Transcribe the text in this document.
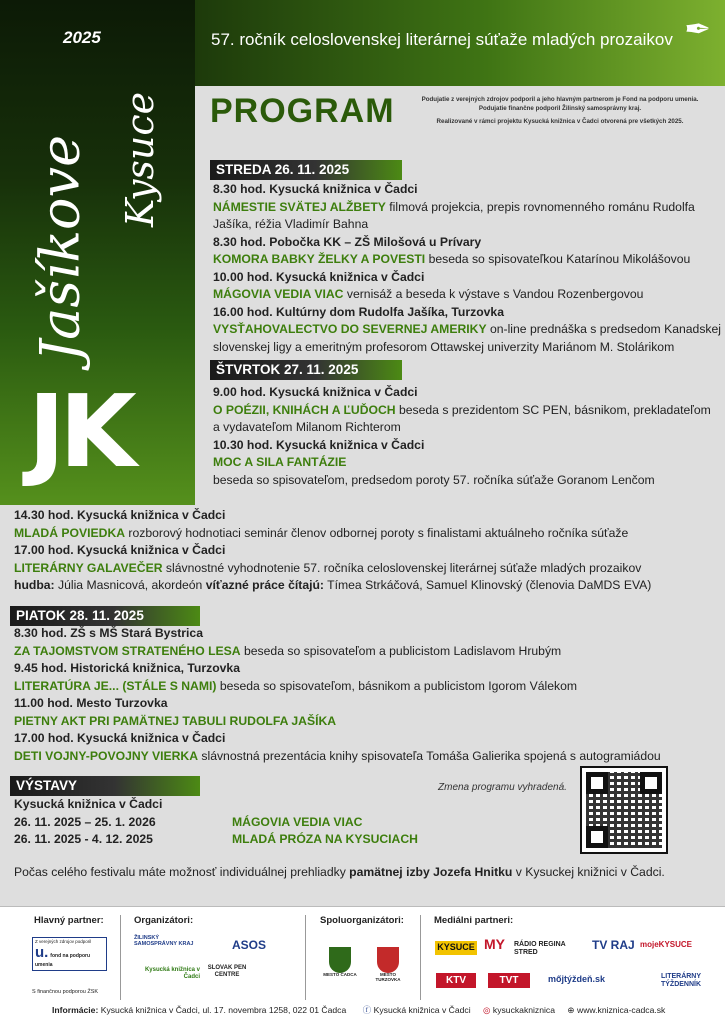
2025
Kysuce
Jašíkove
JK
57. ročník celoslovenskej literárnej súťaže mladých prozaikov ✒
PROGRAM	Podujatie z verejných zdrojov podporil a jeho hlavným partnerom je Fond na podporu umenia.

Podujatie finančne podporil Žilinský samosprávny kraj.

Realizované v rámci projektu Kysucká knižnica v Čadci otvorená pre všetkých 2025.

STREDA 26. 11. 2025
ŠTVRTOK 27. 11. 2025
PIATOK 28. 11. 2025
VÝSTAVY
8.30 hod. Kysucká knižnica v Čadci
NÁMESTIE SVÄTEJ ALŽBETY filmová projekcia, prepis rovnomenného románu Rudolfa
Jašíka, réžia Vladimír Bahna
8.30 hod. Pobočka KK – ZŠ Milošová u Prívary
KOMORA BABKY ŽELKY A POVESTI beseda so spisovateľkou Katarínou Mikolášovou
10.00 hod. Kysucká knižnica v Čadci
MÁGOVIA VEDIA VIAC vernisáž a beseda k výstave s Vandou Rozenbergovou
16.00 hod. Kultúrny dom Rudolfa Jašíka, Turzovka
VYSŤAHOVALECTVO DO SEVERNEJ AMERIKY on-line prednáška s predsedom Kanadskej
slovenskej ligy a emeritným profesorom Ottawskej univerzity Mariánom M. Stolárikom
9.00 hod. Kysucká knižnica v Čadci
O POÉZII, KNIHÁCH A ĽUĎOCH beseda s prezidentom SC PEN, básnikom, prekladateľom
a vydavateľom Milanom Richterom
10.30 hod. Kysucká knižnica v Čadci
MOC A SILA FANTÁZIE
beseda so spisovateľom, predsedom poroty 57. ročníka súťaže Goranom Lenčom
14.30 hod. Kysucká knižnica v Čadci
MLADÁ POVIEDKA rozborový hodnotiaci seminár členov odbornej poroty s finalistami aktuálneho ročníka súťaže
17.00 hod. Kysucká knižnica v Čadci
LITERÁRNY GALAVEČER slávnostné vyhodnotenie 57. ročníka celoslovenskej literárnej súťaže mladých prozaikov
hudba: Júlia Masnicová, akordeón víťazné práce čítajú: Tímea Strkáčová, Samuel Klinovský (členovia DaMDS EVA)
8.30 hod. ZŠ s MŠ Stará Bystrica
ZA TAJOMSTVOM STRATENÉHO LESA beseda so spisovateľom a publicistom Ladislavom Hrubým
9.45 hod. Historická knižnica, Turzovka
LITERATÚRA JE... (STÁLE S NAMI) beseda so spisovateľom, básnikom a publicistom Igorom Válekom
11.00 hod. Mesto Turzovka
PIETNY AKT PRI PAMÄTNEJ TABULI RUDOLFA JAŠÍKA
17.00 hod. Kysucká knižnica v Čadci
DETI VOJNY-POVOJNY VIERKA slávnostná prezentácia knihy spisovateľa Tomáša Galierika spojená s autogramiádou
Kysucká knižnica v Čadci
26. 11. 2025 – 25. 1. 2026	MÁGOVIA VEDIA VIAC
26. 11. 2025 - 4. 12. 2025	MLADÁ PRÓZA NA KYSUCIACH
Zmena programu vyhradená.
Počas celého festivalu máte možnosť individuálnej prehliadky pamätnej izby Jozefa Hnitku v Kysuckej knižnici v Čadci.
Hlavný partner:
Z verejných zdrojov podporil
u. fond na podporu umenia
S finančnou podporou ŽSK
Organizátori:
ŽILINSKÝ SAMOSPRÁVNY KRAJ	ASOS
Kysucká knižnica v Čadci
SLOVAK PEN CENTRE
Spoluorganizátori:
MESTO ČADCA	MESTO TURZOVKA
Mediálni partneri:
KYSUCE MY RÁDIO REGINA STRED
TV RAJ mojeKYSUCE
KTV	TVT	mőjtýždeň.sk	LITERÁRNY TÝŽDENNÍK
Informácie: Kysucká knižnica v Čadci, ul. 17. novembra 1258, 022 01 Čadca ⓕ Kysucká knižnica v Čadci ◎ kysuckakniznica ⊕ www.kniznica-cadca.sk
